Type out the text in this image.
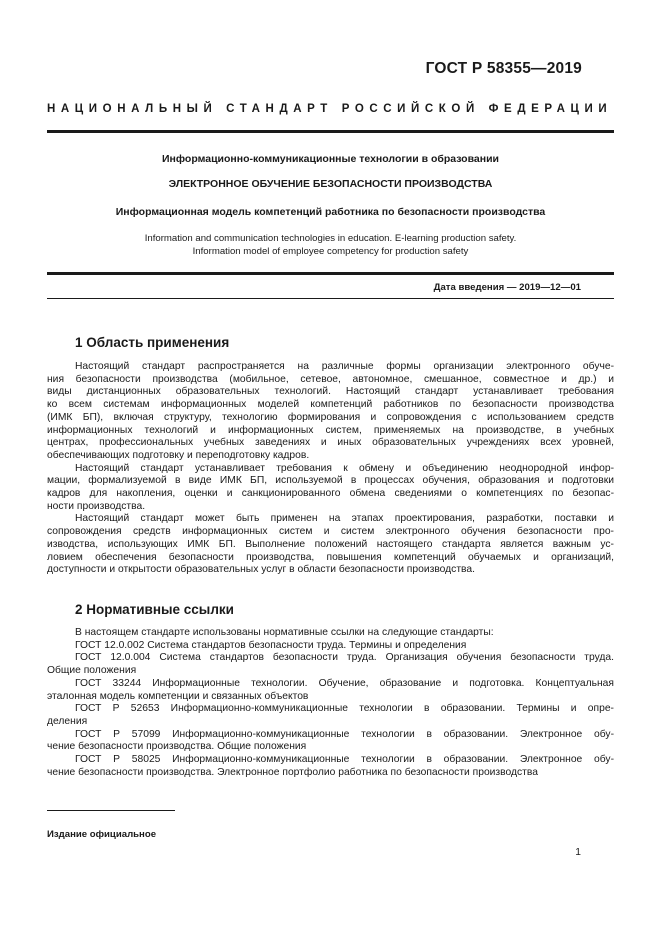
ГОСТ Р 58355—2019
НАЦИОНАЛЬНЫЙ СТАНДАРТ РОССИЙСКОЙ ФЕДЕРАЦИИ
Информационно-коммуникационные технологии в образовании
ЭЛЕКТРОННОЕ ОБУЧЕНИЕ БЕЗОПАСНОСТИ ПРОИЗВОДСТВА
Информационная модель компетенций работника по безопасности производства
Information and communication technologies in education. E-learning production safety.
Information model of employee competency for production safety
Дата введения — 2019—12—01
1 Область применения
Настоящий стандарт распространяется на различные формы организации электронного обуче-
ния безопасности производства (мобильное, сетевое, автономное, смешанное, совместное и др.) и
виды дистанционных образовательных технологий. Настоящий стандарт устанавливает требования
ко всем системам информационных моделей компетенций работников по безопасности производства
(ИМК БП), включая структуру, технологию формирования и сопровождения с использованием средств
информационных технологий и информационных систем, применяемых на производстве, в учебных
центрах, профессиональных учебных заведениях и иных образовательных учреждениях всех уровней,
обеспечивающих подготовку и переподготовку кадров.
Настоящий стандарт устанавливает требования к обмену и объединению неоднородной инфор-
мации, формализуемой в виде ИМК БП, используемой в процессах обучения, образования и подготовки
кадров для накопления, оценки и санкционированного обмена сведениями о компетенциях по безопас-
ности производства.
Настоящий стандарт может быть применен на этапах проектирования, разработки, поставки и
сопровождения средств информационных систем и систем электронного обучения безопасности про-
изводства, использующих ИМК БП. Выполнение положений настоящего стандарта является важным ус-
ловием обеспечения безопасности производства, повышения компетенций обучаемых и организаций,
доступности и открытости образовательных услуг в области безопасности производства.
2 Нормативные ссылки
В настоящем стандарте использованы нормативные ссылки на следующие стандарты:
ГОСТ 12.0.002 Система стандартов безопасности труда. Термины и определения
ГОСТ 12.0.004 Система стандартов безопасности труда. Организация обучения безопасности труда.
Общие положения
ГОСТ 33244 Информационные технологии. Обучение, образование и подготовка. Концептуальная
эталонная модель компетенции и связанных объектов
ГОСТ Р 52653 Информационно-коммуникационные технологии в образовании. Термины и опре-
деления
ГОСТ Р 57099 Информационно-коммуникационные технологии в образовании. Электронное обу-
чение безопасности производства. Общие положения
ГОСТ Р 58025 Информационно-коммуникационные технологии в образовании. Электронное обу-
чение безопасности производства. Электронное портфолио работника по безопасности производства
Издание официальное
1
